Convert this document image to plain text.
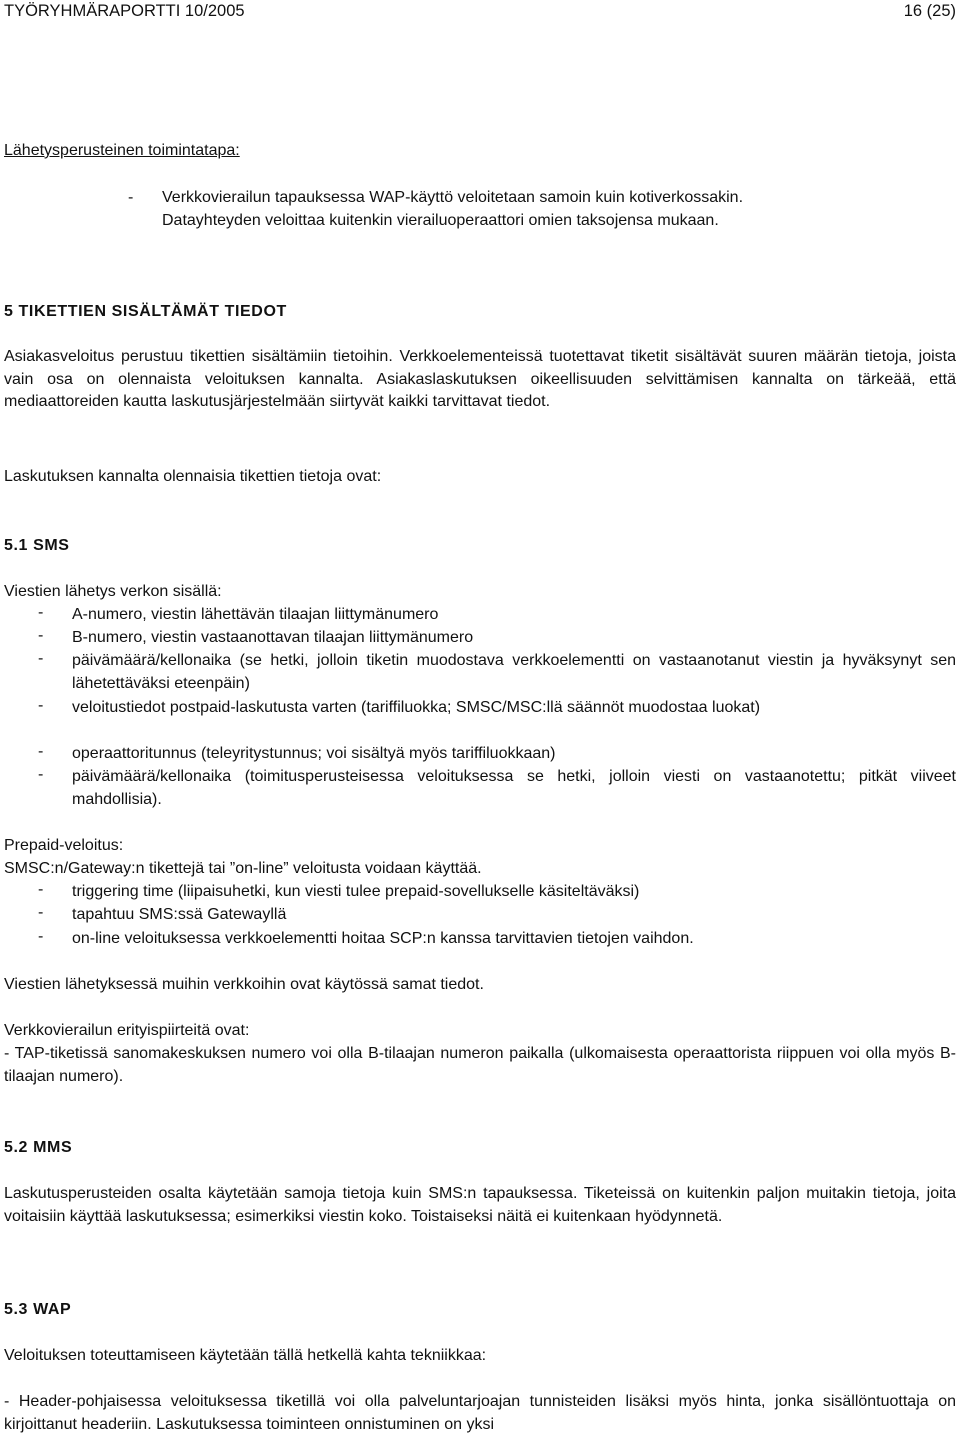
TYÖRYHMÄRAPORTTI 10/2005	16 (25)
Lähetysperusteinen toimintatapa:
-	Verkkovierailun tapauksessa WAP-käyttö veloitetaan samoin kuin kotiverkossakin.
Datayhteyden veloittaa kuitenkin vierailuoperaattori omien taksojensa mukaan.
5 TIKETTIEN SISÄLTÄMÄT TIEDOT

Asiakasveloitus perustuu tikettien sisältämiin tietoihin. Verkkoelementeissä tuotettavat tiketit sisältävät suuren määrän tietoja, joista vain osa on olennaista veloituksen kannalta. Asiakaslaskutuksen oikeellisuuden selvittämisen kannalta on tärkeää, että mediaattoreiden kautta laskutusjärjestelmään siirtyvät kaikki tarvittavat tiedot.

Laskutuksen kannalta olennaisia tikettien tietoja ovat:
5.1 SMS
Viestien lähetys verkon sisällä:
-	A-numero, viestin lähettävän tilaajan liittymänumero
-	B-numero, viestin vastaanottavan tilaajan liittymänumero
-	päivämäärä/kellonaika (se hetki, jolloin tiketin muodostava verkkoelementti on vastaanotanut viestin ja hyväksynyt sen lähetettäväksi eteenpäin)
-	veloitustiedot postpaid-laskutusta varten (tariffiluokka; SMSC/MSC:llä säännöt muodostaa luokat)
-	operaattoritunnus (teleyritystunnus; voi sisältyä myös tariffiluokkaan)
-	päivämäärä/kellonaika (toimitusperusteisessa veloituksessa se hetki, jolloin viesti on vastaanotettu; pitkät viiveet mahdollisia).
Prepaid-veloitus:
SMSC:n/Gateway:n tikettejä tai ”on-line” veloitusta voidaan käyttää.
-	triggering time (liipaisuhetki, kun viesti tulee prepaid-sovellukselle käsiteltäväksi)
-	tapahtuu SMS:ssä Gatewayllä
-	on-line veloituksessa verkkoelementti hoitaa SCP:n kanssa tarvittavien tietojen vaihdon.
Viestien lähetyksessä muihin verkkoihin ovat käytössä samat tiedot.
Verkkovierailun erityispiirteitä ovat:

- TAP-tiketissä sanomakeskuksen numero voi olla B-tilaajan numeron paikalla (ulkomaisesta operaattorista riippuen voi olla myös B-tilaajan numero).

5.2 MMS

Laskutusperusteiden osalta käytetään samoja tietoja kuin SMS:n tapauksessa. Tiketeissä on kuitenkin paljon muitakin tietoja, joita voitaisiin käyttää laskutuksessa; esimerkiksi viestin koko. Toistaiseksi näitä ei kuitenkaan hyödynnetä.

5.3 WAP
Veloituksen toteuttamiseen käytetään tällä hetkellä kahta tekniikkaa:

- Header-pohjaisessa veloituksessa tiketillä voi olla palveluntarjoajan tunnisteiden lisäksi myös hinta, jonka sisällöntuottaja on kirjoittanut headeriin. Laskutuksessa toiminteen onnistuminen on yksi
